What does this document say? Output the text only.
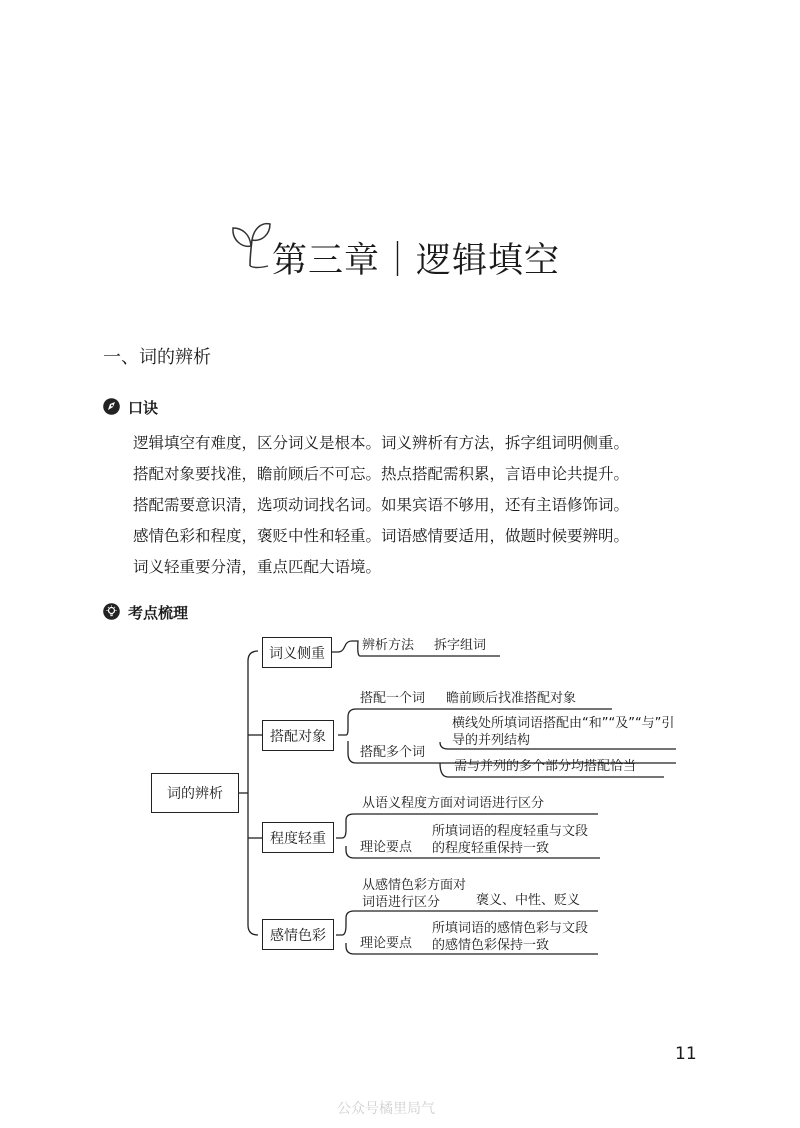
第三章｜逻辑填空
一、词的辨析
口诀
逻辑填空有难度，区分词义是根本。词义辨析有方法，拆字组词明侧重。
搭配对象要找准，瞻前顾后不可忘。热点搭配需积累，言语申论共提升。
搭配需要意识清，选项动词找名词。如果宾语不够用，还有主语修饰词。
感情色彩和程度，褒贬中性和轻重。词语感情要适用，做题时候要辨明。
词义轻重要分清，重点匹配大语境。
考点梳理
词的辨析
词义侧重
搭配对象
程度轻重
感情色彩
辨析方法 拆字组词
搭配一个词 瞻前顾后找准搭配对象
搭配多个词
横线处所填词语搭配由“和”“及”“与”引导的并列结构
需与并列的多个部分均搭配恰当
从语义程度方面对词语进行区分
理论要点
所填词语的程度轻重与文段的程度轻重保持一致
从感情色彩方面对词语进行区分	褒义、中性、贬义
理论要点
所填词语的感情色彩与文段的感情色彩保持一致
11
公众号橘里局气
